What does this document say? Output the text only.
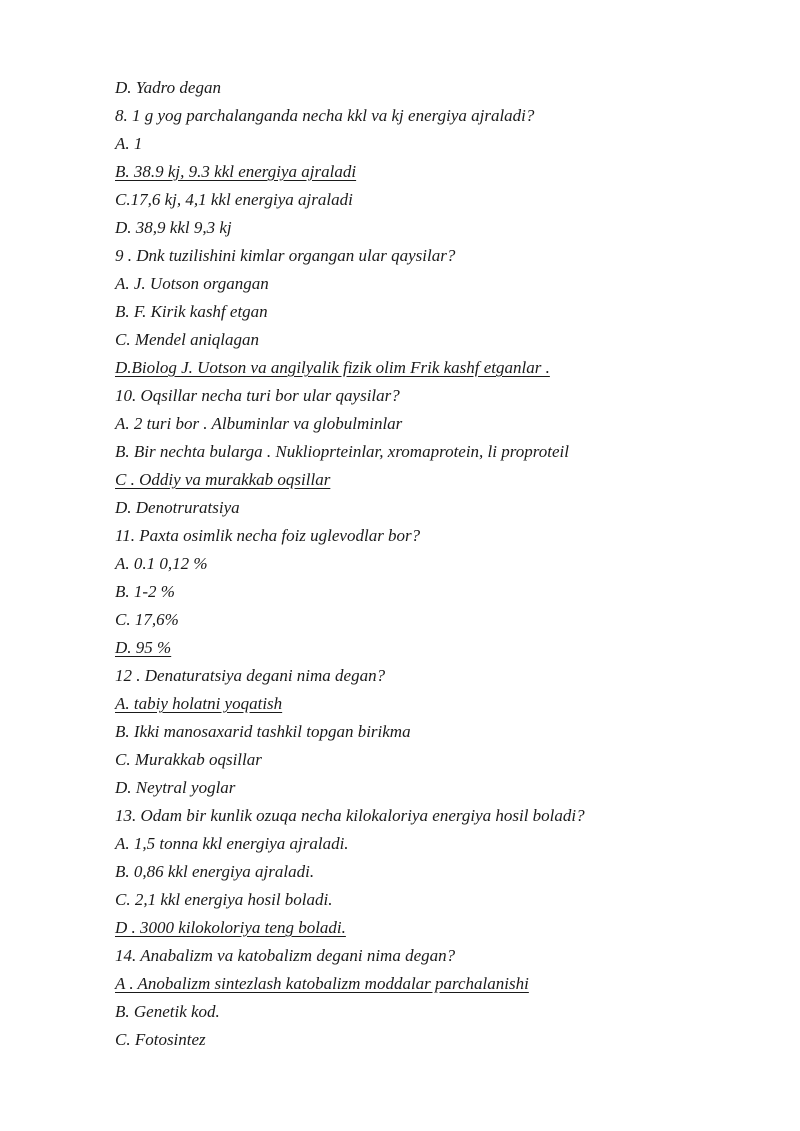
D. Yadro degan
8. 1 g yog parchalanganda necha kkl va kj energiya ajraladi?
A. 1
B. 38.9 kj, 9.3 kkl energiya ajraladi
C.17,6 kj, 4,1 kkl energiya ajraladi
D. 38,9 kkl 9,3 kj
9 . Dnk tuzilishini kimlar organgan ular qaysilar?
A. J. Uotson organgan
B. F. Kirik kashf etgan
C. Mendel aniqlagan
D.Biolog J. Uotson va angilyalik fizik olim Frik kashf etganlar .
10. Oqsillar necha turi bor ular qaysilar?
A. 2 turi bor . Albuminlar va globulminlar
B. Bir nechta bularga . Nuklioprteinlar, xromaprotein, li proproteil
C . Oddiy va murakkab oqsillar
D. Denotruratsiya
11. Paxta osimlik necha foiz uglevodlar bor?
A. 0.1 0,12 %
B. 1-2 %
C. 17,6%
D. 95 %
12 . Denaturatsiya degani nima degan?
A. tabiy holatni yoqatish
B. Ikki manosaxarid tashkil topgan birikma
C. Murakkab oqsillar
D. Neytral yoglar
13. Odam bir kunlik ozuqa necha kilokaloriya energiya hosil boladi?
A. 1,5 tonna kkl energiya ajraladi.
B. 0,86 kkl energiya ajraladi.
C. 2,1 kkl energiya hosil boladi.
D . 3000 kilokoloriya teng boladi.
14. Anabalizm va katobalizm degani nima degan?
A . Anobalizm sintezlash katobalizm moddalar parchalanishi
B. Genetik kod.
C. Fotosintez
